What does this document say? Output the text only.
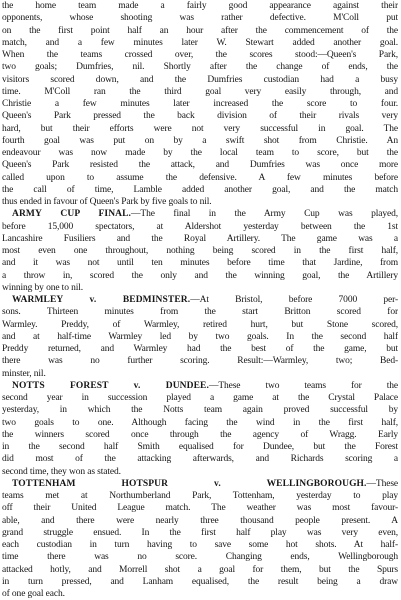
the home team made a fairly good appearance against their
opponents, whose shooting was rather defective. M'Coll put
on the first point half an hour after the commencement of the
match, and a few minutes later W. Stewart added another goal.
When the teams crossed over, the scores stood:—Queen's Park,
two goals; Dumfries, nil. Shortly after the change of ends, the
visitors scored down, and the Dumfries custodian had a busy
time. M'Coll ran the third goal very easily through, and
Christie a few minutes later increased the score to four.
Queen's Park pressed the back division of their rivals very
hard, but their efforts were not very successful in goal. The
fourth goal was put on by a swift shot from Christie. An
endeavour was now made by the local team to score, but the
Queen's Park resisted the attack, and Dumfries was once more
called upon to assume the defensive. A few minutes before
the call of time, Lamble added another goal, and the match
thus ended in favour of Queen's Park by five goals to nil.
ARMY CUP FINAL.—The final in the Army Cup was played,
before 15,000 spectators, at Aldershot yesterday between the 1st
Lancashire Fusiliers and the Royal Artillery. The game was a
most even one throughout, nothing being scored in the first half,
and it was not until ten minutes before time that Jardine, from
a throw in, scored the only and the winning goal, the Artillery
winning by one to nil.
WARMLEY v. BEDMINSTER.—At Bristol, before 7000 per-
sons. Thirteen minutes from the start Britton scored for
Warmley. Preddy, of Warmley, retired hurt, but Stone scored,
and at half-time Warmley led by two goals. In the second half
Preddy returned, and Warmley had the best of the game, but
there was no further scoring. Result:—Warmley, two; Bed-
minster, nil.
NOTTS FOREST v. DUNDEE.—These two teams for the
second year in succession played a game at the Crystal Palace
yesterday, in which the Notts team again proved successful by
two goals to one. Although facing the wind in the first half,
the winners scored once through the agency of Wragg. Early
in the second half Smith equalised for Dundee, but the Forest
did most of the attacking afterwards, and Richards scoring a
second time, they won as stated.
TOTTENHAM HOTSPUR v. WELLINGBOROUGH.—These
teams met at Northumberland Park, Tottenham, yesterday to play
off their United League match. The weather was most favour-
able, and there were nearly three thousand people present. A
grand struggle ensued. In the first half play was very even,
each custodian in turn having to save some hot shots. At half-
time there was no score. Changing ends, Wellingborough
attacked hotly, and Morrell shot a goal for them, but the Spurs
in turn pressed, and Lanham equalised, the result being a draw
of one goal each.
